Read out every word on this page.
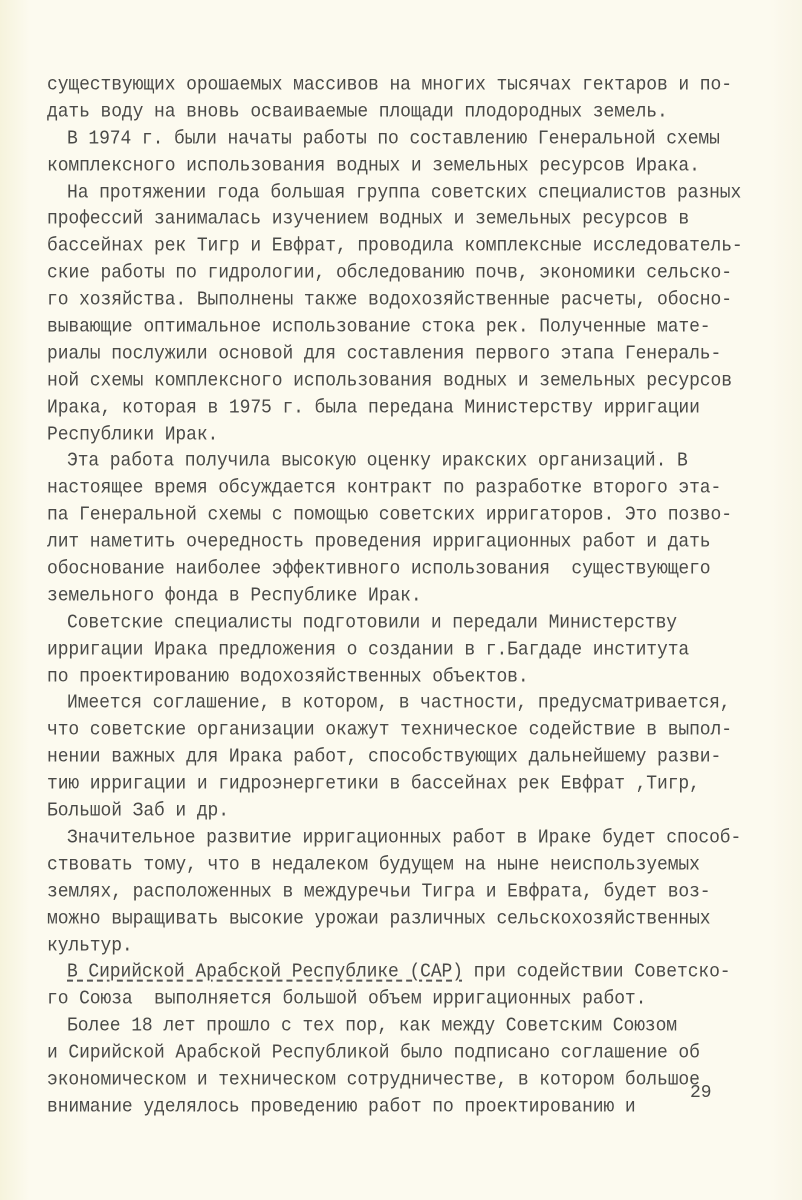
существующих орошаемых массивов на многих тысячах гектаров и по-
дать воду на вновь осваиваемые площади плодородных земель.
В 1974 г. были начаты работы по составлению Генеральной схемы
комплексного использования водных и земельных ресурсов Ирака.
На протяжении года большая группа советских специалистов разных
профессий занималась изучением водных и земельных ресурсов в
бассейнах рек Тигр и Евфрат, проводила комплексные исследователь-
ские работы по гидрологии, обследованию почв, экономики сельско-
го хозяйства. Выполнены также водохозяйственные расчеты, обосно-
вывающие оптимальное использование стока рек. Полученные мате-
риалы послужили основой для составления первого этапа Генераль-
ной схемы комплексного использования водных и земельных ресурсов
Ирака, которая в 1975 г. была передана Министерству ирригации
Республики Ирак.
Эта работа получила высокую оценку иракских организаций. В
настоящее время обсуждается контракт по разработке второго эта-
па Генеральной схемы с помощью советских ирригаторов. Это позво-
лит наметить очередность проведения ирригационных работ и дать
обоснование наиболее эффективного использования  существующего
земельного фонда в Республике Ирак.
Советские специалисты подготовили и передали Министерству
ирригации Ирака предложения о создании в г.Багдаде института
по проектированию водохозяйственных объектов.
Имеется соглашение, в котором, в частности, предусматривается,
что советские организации окажут техническое содействие в выпол-
нении важных для Ирака работ, способствующих дальнейшему разви-
тию ирригации и гидроэнергетики в бассейнах рек Евфрат ,Тигр,
Большой Заб и др.
Значительное развитие ирригационных работ в Ираке будет способ-
ствовать тому, что в недалеком будущем на ныне неиспользуемых
землях, расположенных в междуречьи Тигра и Евфрата, будет воз-
можно выращивать высокие урожаи различных сельскохозяйственных
культур.
В Сирийской Арабской Республике (САР) при содействии Советско-
го Союза  выполняется большой объем ирригационных работ.
Более 18 лет прошло с тех пор, как между Советским Союзом
и Сирийской Арабской Республикой было подписано соглашение об
экономическом и техническом сотрудничестве, в котором большое
внимание уделялось проведению работ по проектированию и
29
